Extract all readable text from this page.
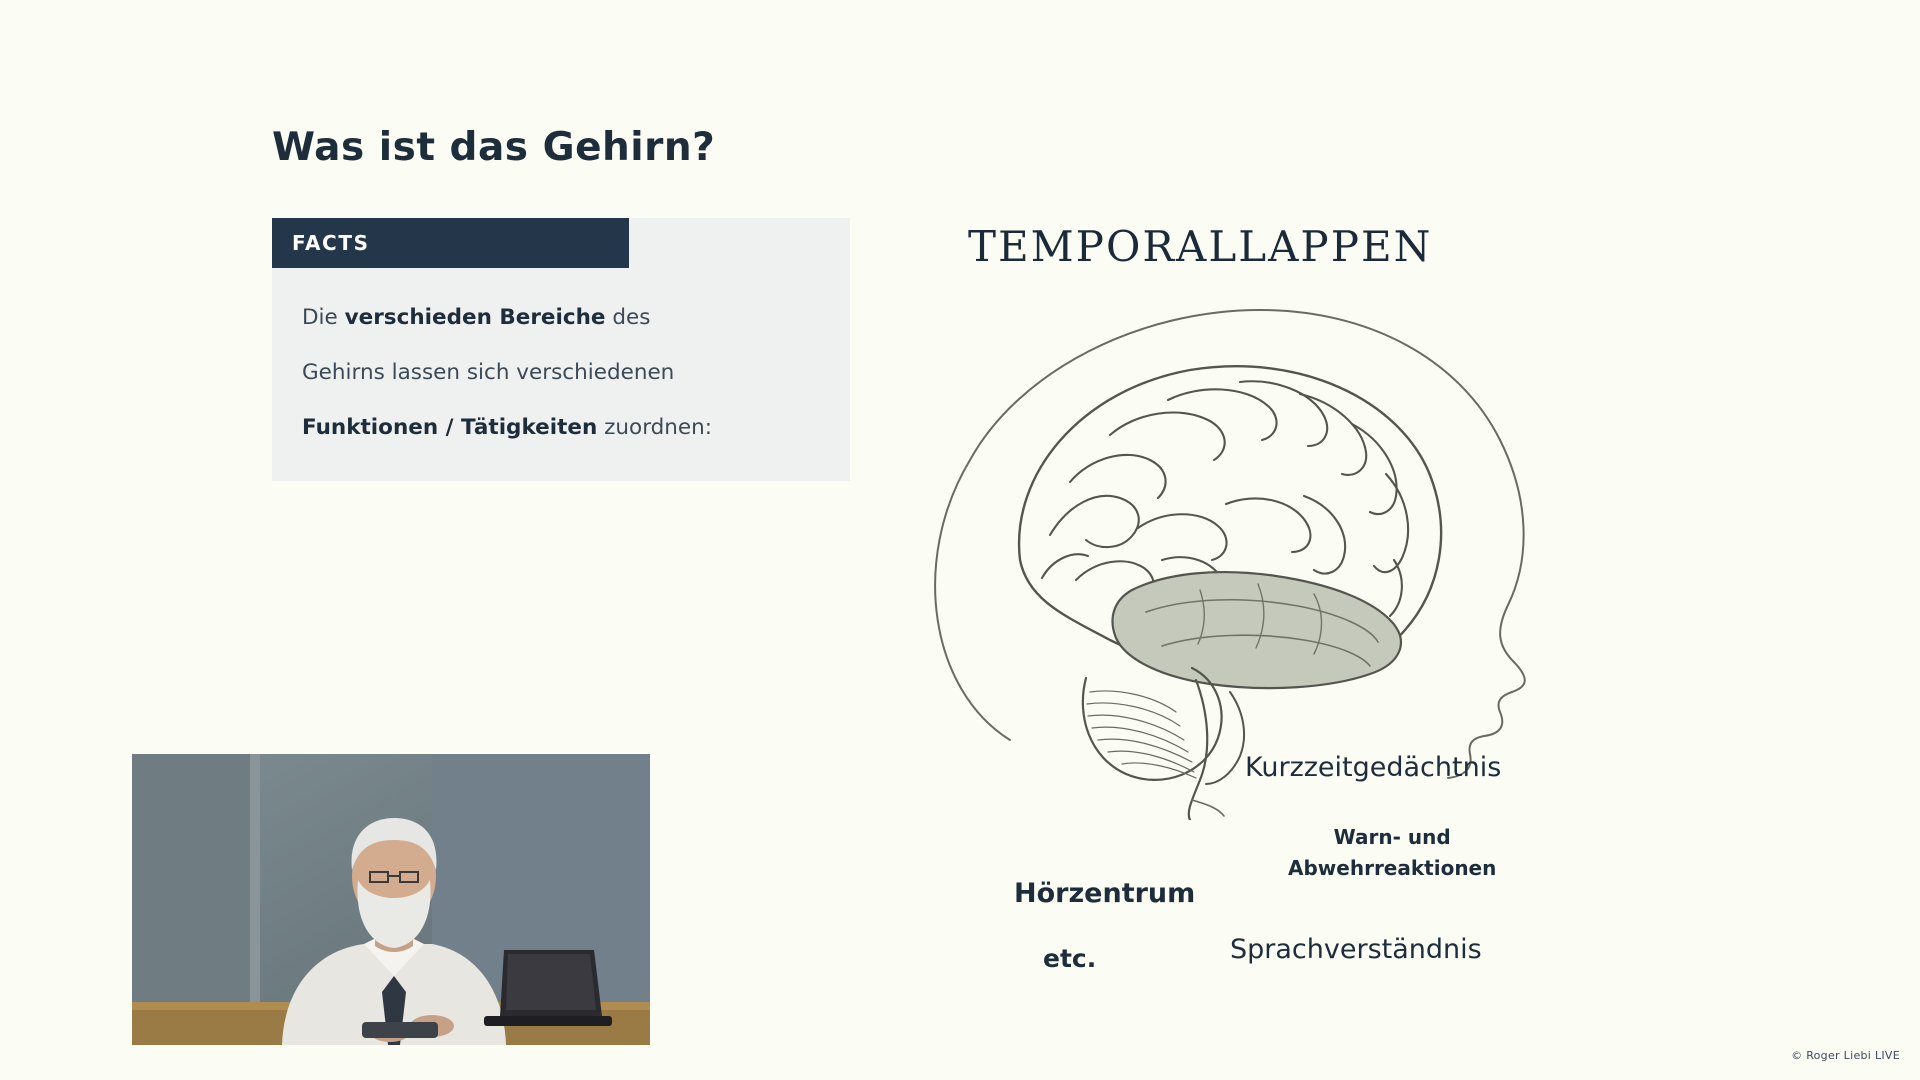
Was ist das Gehirn?
FACTS
Die verschieden Bereiche des
Gehirns lassen sich verschiedenen
Funktionen / Tätigkeiten zuordnen:
TEMPORALLAPPEN
Kurzzeitgedächtnis
Warn- und
Abwehrreaktionen
Hörzentrum
Sprachverständnis
etc.
© Roger Liebi LIVE
